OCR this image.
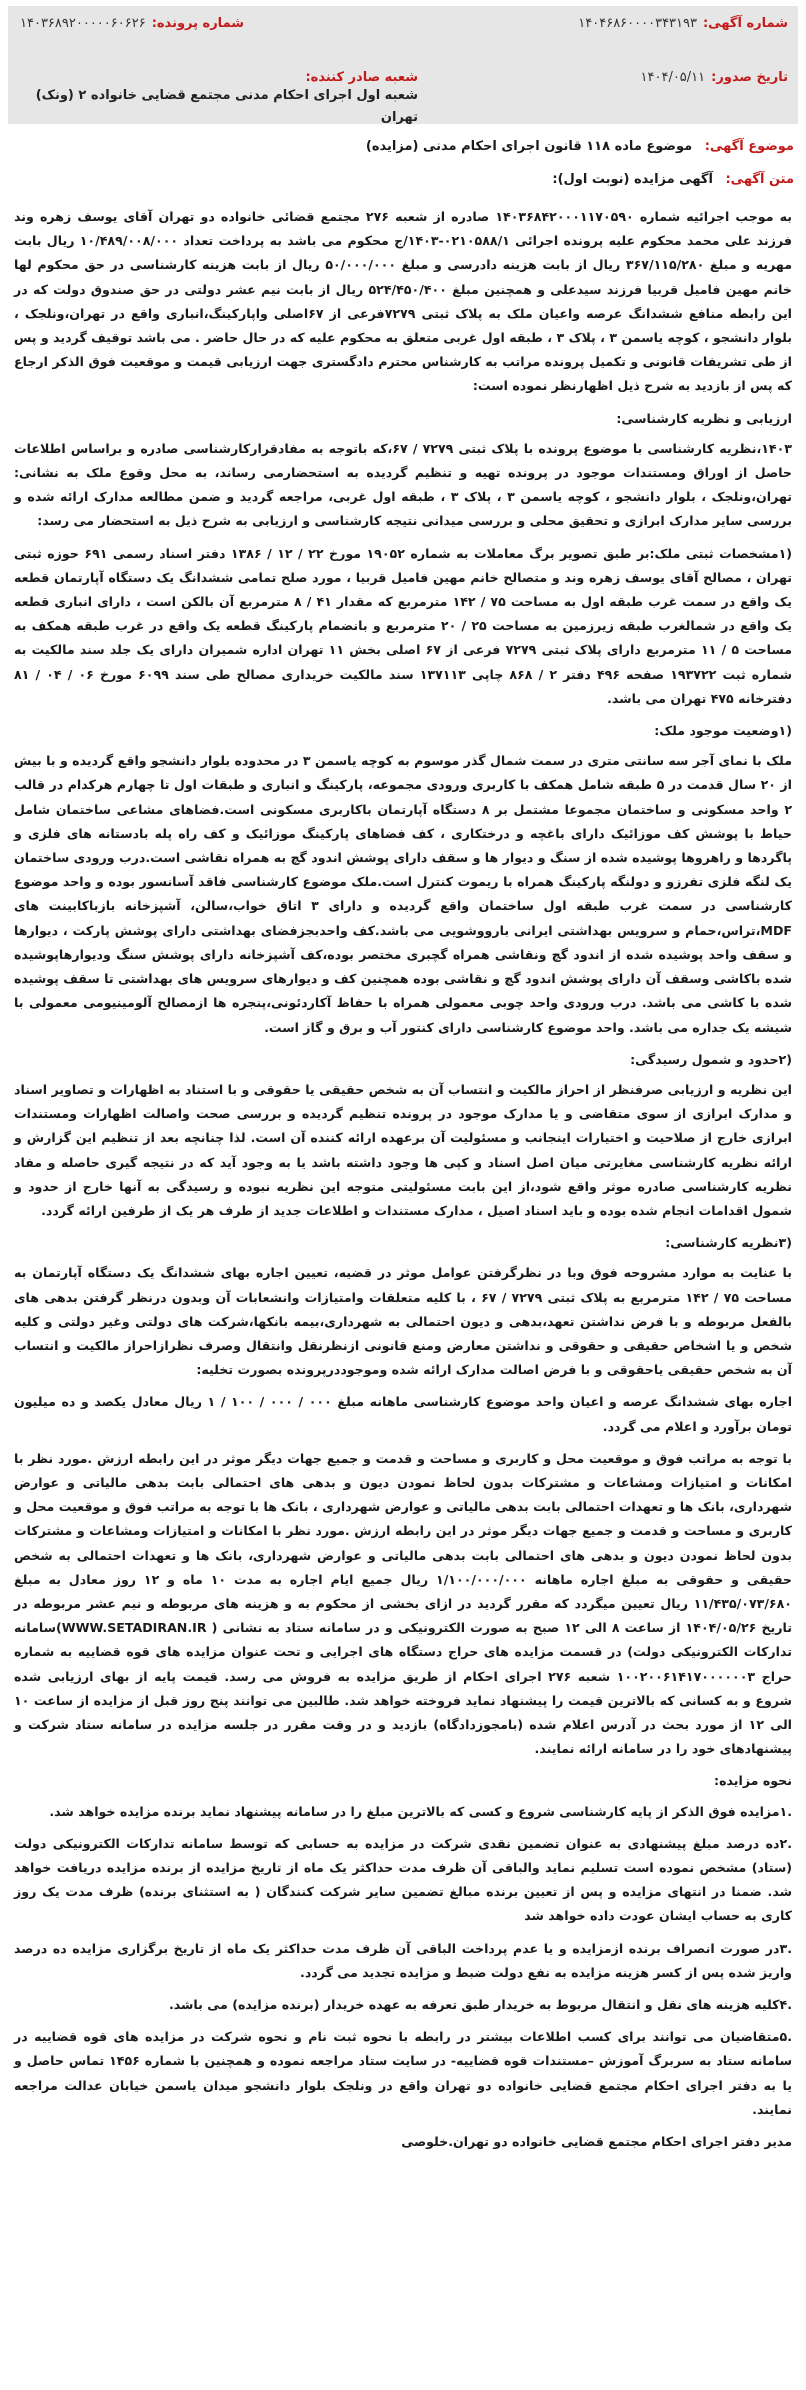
شماره آگهی:
۱۴۰۴۶۸۶۰۰۰۰۳۴۳۱۹۳
شماره پرونده:
۱۴۰۳۶۸۹۲۰۰۰۰۰۶۰۶۲۶
تاریخ صدور:
۱۴۰۴/۰۵/۱۱
شعبه صادر کننده:
شعبه اول اجرای احکام مدنی مجتمع قضایی خانواده ۲ (ونک) تهران
موضوع آگهی: موضوع ماده ۱۱۸ قانون اجرای احکام مدنی (مزایده)
متن آگهی: آگهی مزایده (نوبت اول):

به موجب اجرائیه شماره ۱۴۰۳۶۸۴۲۰۰۰۱۱۷۰۵۹۰ صادره از شعبه ۲۷۶ مجتمع قضائی خانواده دو تهران آقای یوسف زهره وند فرزند علی محمد محکوم علیه پرونده اجرائی ۰۲۱۰۵۸۸/۱-۱۴۰۳/ج محکوم می باشد به پرداخت تعداد ۱۰/۴۸۹/۰۰۸/۰۰۰ ریال بابت مهریه و مبلغ ۳۶۷/۱۱۵/۲۸۰ ریال از بابت هزینه دادرسی و مبلغ ۵۰/۰۰۰/۰۰۰ ریال از بابت هزینه کارشناسی در حق محکوم لها خانم مهین فامیل قربیا فرزند سیدعلی و همچنین مبلغ ۵۲۴/۴۵۰/۴۰۰ ریال از بابت نیم عشر دولتی در حق صندوق دولت که در این رابطه منافع ششدانگ عرصه واعیان ملک به پلاک ثبتی ۷۲۷۹فرعی از ۶۷اصلی واپارکینگ،انباری واقع در تهران،ونلجک ، بلوار دانشجو ، کوچه یاسمن ۳ ، پلاک ۳ ، طبقه اول غربی متعلق به محکوم علیه که در حال حاضر . می باشد توقیف گردید و پس از طی تشریفات قانونی و تکمیل پرونده مراتب به کارشناس محترم دادگستری جهت ارزیابی قیمت و موقعیت فوق الذکر ارجاع که پس از بازدید به شرح ذیل اظهارنظر نموده است:

ارزیابی و نظریه کارشناسی:

۱۴۰۳،نظریه کارشناسی با موضوع پرونده با پلاک ثبتی ۷۲۷۹ / ۶۷،که باتوجه به مفادقرارکارشناسی صادره و براساس اطلاعات حاصل از اوراق ومستندات موجود در پرونده تهیه و تنظیم گردیده به استحضارمی رساند، به محل وقوع ملک به نشانی: تهران،ونلجک ، بلوار دانشجو ، کوچه یاسمن ۳ ، پلاک ۳ ، طبقه اول غربی، مراجعه گردید و ضمن مطالعه مدارک ارائه شده و بررسی سایر مدارک ابرازی و تحقیق محلی و بررسی میدانی نتیجه کارشناسی و ارزیابی به شرح ذیل به استحضار می رسد:

(۱مشخصات ثبتی ملک:بر طبق تصویر برگ معاملات به شماره ۱۹۰۵۲ مورخ ۲۲ / ۱۲ / ۱۳۸۶ دفتر اسناد رسمی ۶۹۱ حوزه ثبتی تهران ، مصالح آقای یوسف زهره وند و متصالح خانم مهین فامیل قربیا ، مورد صلح تمامی ششدانگ یک دستگاه آپارتمان قطعه یک واقع در سمت غرب طبقه اول به مساحت ۷۵ / ۱۴۲ مترمربع که مقدار ۴۱ / ۸ مترمربع آن بالکن است ، دارای انباری قطعه یک واقع در شمالغرب طبقه زیرزمین به مساحت ۲۵ / ۲۰ مترمربع و بانضمام پارکینگ قطعه یک واقع در غرب طبقه همکف به مساحت ۵ / ۱۱ مترمربع دارای پلاک ثبتی ۷۲۷۹ فرعی از ۶۷ اصلی بخش ۱۱ تهران اداره شمیران دارای یک جلد سند مالکیت به شماره ثبت ۱۹۳۷۲۲ صفحه ۴۹۶ دفتر ۲ / ۸۶۸ چاپی ۱۳۷۱۱۳ سند مالکیت خریداری مصالح طی سند ۶۰۹۹ مورخ ۰۶ / ۰۴ / ۸۱ دفترخانه ۴۷۵ تهران می باشد.

(۱وضعیت موجود ملک:

ملک با نمای آجر سه سانتی متری در سمت شمال گذر موسوم به کوچه یاسمن ۳ در محدوده بلوار دانشجو واقع گردیده و با بیش از ۲۰ سال قدمت در ۵ طبقه شامل همکف با کاربری ورودی مجموعه، پارکینگ و انباری و طبقات اول تا چهارم هرکدام در قالب ۲ واحد مسکونی و ساختمان مجموعا مشتمل بر ۸ دستگاه آپارتمان باکاربری مسکونی است.فضاهای مشاعی ساختمان شامل حیاط با پوشش کف موزائیک دارای باغچه و درختکاری ، کف فضاهای پارکینگ موزائیک و کف راه پله بادستانه های فلزی و پاگردها و راهروها پوشیده شده از سنگ و دیوار ها و سقف دارای پوشش اندود گچ به همراه نقاشی است.درب ورودی ساختمان یک لنگه فلزی تفرزو و دولنگه پارکینگ همراه با ریموت کنترل است.ملک موضوع کارشناسی فاقد آسانسور بوده و واحد موضوع کارشناسی در سمت غرب طبقه اول ساختمان واقع گردیده و دارای ۳ اتاق خواب،سالن، آشپزخانه بازباکابینت های MDF،تراس،حمام و سرویس بهداشتی ایرانی بارووشویی می باشد.کف واحدبجزفضای بهداشتی دارای پوشش پارکت ، دیوارها و سقف واحد پوشیده شده از اندود گچ ونقاشی همراه گچبری مختصر بوده،کف آشپزخانه دارای پوشش سنگ ودیوارهاپوشیده شده باکاشی وسقف آن دارای پوشش اندود گچ و نقاشی بوده همچنین کف و دیوارهای سرویس های بهداشتی تا سقف پوشیده شده با کاشی می باشد. درب ورودی واحد چوبی معمولی همراه با حفاظ آکاردئونی،پنجره ها ازمصالح آلومینیومی معمولی با شیشه یک جداره می باشد. واحد موضوع کارشناسی دارای کنتور آب و برق و گاز است.

(۲حدود و شمول رسیدگی:

این نظریه و ارزیابی صرفنظر از احراز مالکیت و انتساب آن به شخص حقیقی یا حقوقی و با استناد به اظهارات و تصاویر اسناد و مدارک ابرازی از سوی متقاضی و یا مدارک موجود در پرونده تنظیم گردیده و بررسی صحت واصالت اظهارات ومستندات ابرازی خارج از صلاحیت و اختیارات اینجانب و مسئولیت آن برعهده ارائه کننده آن است. لذا چنانچه بعد از تنظیم این گزارش و ارائه نظریه کارشناسی مغایرتی میان اصل اسناد و کپی ها وجود داشته باشد یا به وجود آید که در نتیجه گیری حاصله و مفاد نظریه کارشناسی صادره موثر واقع شود،از این بابت مسئولیتی متوجه این نظریه نبوده و رسیدگی به آنها خارج از حدود و شمول اقدامات انجام شده بوده و باید اسناد اصیل ، مدارک مستندات و اطلاعات جدید از طرف هر یک از طرفین ارائه گردد.

(۳نظریه کارشناسی:

با عنایت به موارد مشروحه فوق وبا در نظرگرفتن عوامل موثر در قضیه، تعیین اجاره بهای ششدانگ یک دستگاه آپارتمان به مساحت ۷۵ / ۱۴۲ مترمربع به پلاک ثبتی ۷۲۷۹ / ۶۷ ، با کلیه متعلقات وامتیازات وانشعابات آن وبدون درنظر گرفتن بدهی های بالفعل مربوطه و با فرض نداشتن تعهد،بدهی و دیون احتمالی به شهرداری،بیمه بانکها،شرکت های دولتی وغیر دولتی و کلیه شخص و یا اشخاص حقیقی و حقوقی و نداشتن معارض ومنع قانونی ازنظرنقل وانتقال وصرف نظرازاحراز مالکیت و انتساب آن به شخص حقیقی یاحقوقی و با فرض اصالت مدارک ارائه شده وموجوددرپرونده بصورت تخلیه:

اجاره بهای ششدانگ عرصه و اعیان واحد موضوع کارشناسی ماهانه مبلغ ۰۰۰ / ۰۰۰ / ۱۰۰ / ۱ ریال معادل یکصد و ده میلیون تومان برآورد و اعلام می گردد.

با توجه به مراتب فوق و موقعیت محل و کاربری و مساحت و قدمت و جمیع جهات دیگر موثر در این رابطه ارزش .مورد نظر با امکانات و امتیازات ومشاعات و مشترکات بدون لحاظ نمودن دیون و بدهی های احتمالی بابت بدهی مالیاتی و عوارض شهرداری، بانک ها و تعهدات احتمالی بابت بدهی مالیاتی و عوارض شهرداری ، بانک ها با توجه به مراتب فوق و موقعیت محل و کاربری و مساحت و قدمت و جمیع جهات دیگر موثر در این رابطه ارزش .مورد نظر با امکانات و امتیازات ومشاعات و مشترکات بدون لحاظ نمودن دیون و بدهی های احتمالی بابت بدهی مالیاتی و عوارض شهرداری، بانک ها و تعهدات احتمالی به شخص حقیقی و حقوقی به مبلغ اجاره ماهانه ۱/۱۰۰/۰۰۰/۰۰۰ ریال جمیع ایام اجاره به مدت ۱۰ ماه و ۱۲ روز معادل به مبلغ ۱۱/۴۳۵/۰۷۳/۶۸۰ ریال تعیین میگردد که مقرر گردید در ازای بخشی از محکوم به و هزینه های مربوطه و نیم عشر مربوطه در تاریخ ۱۴۰۴/۰۵/۲۶ از ساعت ۸ الی ۱۲ صبح به صورت الکترونیکی و در سامانه ستاد به نشانی ( WWW.SETADIRAN.IR)سامانه تدارکات الکترونیکی دولت) در قسمت مزایده های حراج دستگاه های اجرایی و تحت عنوان مزایده های قوه قضاییه به شماره حراج ۱۰۰۲۰۰۶۱۴۱۷۰۰۰۰۰۰۳ شعبه ۲۷۶ اجرای احکام از طریق مزایده به فروش می رسد. قیمت پایه از بهای ارزیابی شده شروع و به کسانی که بالاترین قیمت را پیشنهاد نماید فروخته خواهد شد. طالبین می توانند پنج روز قبل از مزایده از ساعت ۱۰ الی ۱۲ از مورد بحث در آدرس اعلام شده (بامجوزدادگاه) بازدید و در وقت مقرر در جلسه مزایده در سامانه ستاد شرکت و پیشنهادهای خود را در سامانه ارائه نمایند.

نحوه مزایده:

.۱مزایده فوق الذکر از پایه کارشناسی شروع و کسی که بالاترین مبلغ را در سامانه پیشنهاد نماید برنده مزایده خواهد شد.

.۲ده درصد مبلغ پیشنهادی به عنوان تضمین نقدی شرکت در مزایده به حسابی که توسط سامانه تدارکات الکترونیکی دولت (ستاد) مشخص نموده است تسلیم نماید والباقی آن ظرف مدت حداکثر یک ماه از تاریخ مزایده از برنده مزایده دریافت خواهد شد. ضمنا در انتهای مزایده و پس از تعیین برنده مبالغ تضمین سایر شرکت کنندگان ( به استثنای برنده) ظرف مدت یک روز کاری به حساب ایشان عودت داده خواهد شد

.۳در صورت انصراف برنده ازمزایده و یا عدم پرداخت الباقی آن ظرف مدت حداکثر یک ماه از تاریخ برگزاری مزایده ده درصد واریز شده پس از کسر هزینه مزایده به نفع دولت ضبط و مزایده تجدید می گردد.

.۴کلیه هزینه های نقل و انتقال مربوط به خریدار طبق تعرفه به عهده خریدار (برنده مزایده) می باشد.

.۵متقاضیان می توانند برای کسب اطلاعات بیشتر در رابطه با نحوه ثبت نام و نحوه شرکت در مزایده های قوه قضاییه در سامانه ستاد به سربرگ آموزش –مستندات قوه قضاییه- در سایت ستاد مراجعه نموده و همچنین با شماره ۱۴۵۶ تماس حاصل و یا به دفتر اجرای احکام مجتمع قضایی خانواده دو تهران واقع در ونلجک بلوار دانشجو میدان یاسمن خیابان عدالت مراجعه نمایند.

مدیر دفتر اجرای احکام مجتمع قضایی خانواده دو تهران.خلوصی
